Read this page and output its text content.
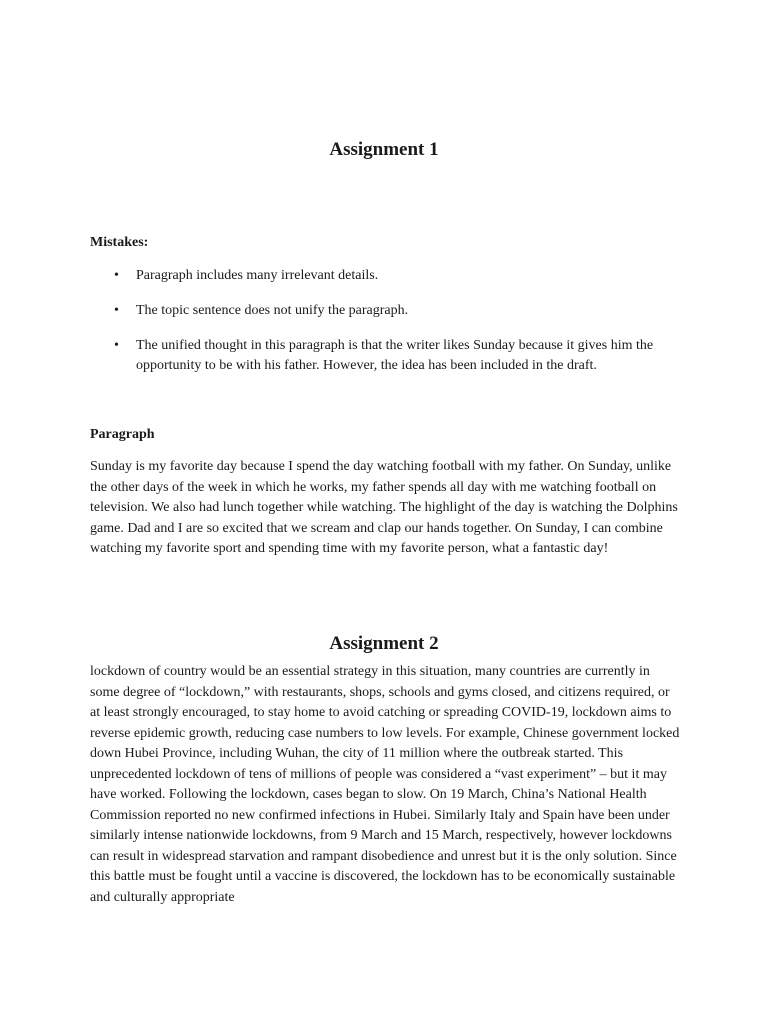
Assignment 1
Mistakes:
• Paragraph includes many irrelevant details.
• The topic sentence does not unify the paragraph.
• The unified thought in this paragraph is that the writer likes Sunday because it gives him the opportunity to be with his father. However, the idea has been included in the draft.
Paragraph

Sunday is my favorite day because I spend the day watching football with my father. On Sunday, unlike the other days of the week in which he works, my father spends all day with me watching football on television. We also had lunch together while watching. The highlight of the day is watching the Dolphins game. Dad and I are so excited that we scream and clap our hands together. On Sunday, I can combine watching my favorite sport and spending time with my favorite person, what a fantastic day!

Assignment 2

lockdown of country would be an essential strategy in this situation, many countries are currently in some degree of “lockdown,” with restaurants, shops, schools and gyms closed, and citizens required, or at least strongly encouraged, to stay home to avoid catching or spreading COVID-19, lockdown aims to reverse epidemic growth, reducing case numbers to low levels. For example, Chinese government locked down Hubei Province, including Wuhan, the city of 11 million where the outbreak started. This unprecedented lockdown of tens of millions of people was considered a “vast experiment” – but it may have worked. Following the lockdown, cases began to slow. On 19 March, China’s National Health Commission reported no new confirmed infections in Hubei. Similarly Italy and Spain have been under similarly intense nationwide lockdowns, from 9 March and 15 March, respectively, however lockdowns can result in widespread starvation and rampant disobedience and unrest but it is the only solution. Since this battle must be fought until a vaccine is discovered, the lockdown has to be economically sustainable and culturally appropriate
